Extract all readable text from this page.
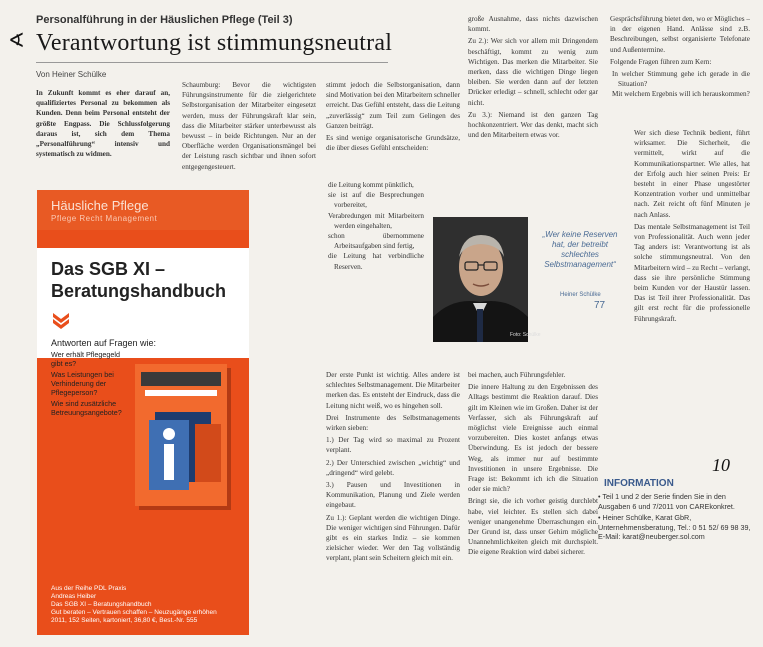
∢
Personalführung in der Häuslichen Pflege (Teil 3)
Verantwortung ist stimmungsneutral
Von Heiner Schülke
In Zukunft kommt es eher darauf an, qualifiziertes Personal zu bekommen als Kunden. Denn beim Personal entsteht der größte Engpass. Die Schlussfolgerung daraus ist, sich dem Thema „Personalführung“ intensiv und systematisch zu widmen.

Schaumburg: Bevor die wichtigsten Führungsinstrumente für die zielgerichtete Selbstorganisation der Mitarbeiter eingesetzt werden, muss der Führungskraft klar sein, dass die Mitarbeiter stärker unterbewusst als bewusst – in beide Richtungen. Nur an der Oberfläche werden Organisationsmängel bei der Leistung rasch sichtbar und ihnen sofort entgegengesteuert.

stimmt jedoch die Selbstorganisation, dann sind Motivation bei den Mitarbeitern schneller erreicht. Das Gefühl entsteht, dass die Leitung „zuverlässig“ zum Teil zum Gelingen des Ganzen beiträgt.

Es sind wenige organisatorische Grundsätze, die über dieses Gefühl entscheiden:

die Leitung kommt pünktlich,
sie ist auf die Besprechungen vorbereitet,
Verabredungen mit Mitarbeitern werden eingehalten,
schon übernommene Arbeitsaufgaben sind fertig,
die Leitung hat verbindliche Reserven.

Der erste Punkt ist wichtig. Alles andere ist schlechtes Selbstmanagement. Die Mitarbeiter merken das. Es entsteht der Eindruck, dass die Leitung nicht weiß, wo es hingehen soll.

Drei Instrumente des Selbstmanagements wirken sieben:

1.) Der Tag wird so maximal zu Prozent verplant.

2.) Der Unterschied zwischen „wichtig“ und „dringend“ wird gelebt.

3.) Pausen und Investitionen in Kommunikation, Planung und Ziele werden eingebaut.

Zu 1.): Geplant werden die wichtigen Dinge. Die weniger wichtigen sind Führungen. Dafür gibt es ein starkes Indiz – sie kommen zielsicher wieder. Wer den Tag vollständig verplant, plant sein Scheitern gleich mit ein.

große Ausnahme, dass nichts dazwischen kommt.

Zu 2.): Wer sich vor allem mit Dringendem beschäftigt, kommt zu wenig zum Wichtigen. Das merken die Mitarbeiter. Sie merken, dass die wichtigen Dinge liegen bleiben. Sie werden dann auf der letzten Drücker erledigt – schnell, schlecht oder gar nicht.

Zu 3.): Niemand ist den ganzen Tag hochkonzentriert. Wer das denkt, macht sich und den Mitarbeitern etwas vor.

bei machen, auch Führungsfehler.

Die innere Haltung zu den Ergebnissen des Alltags bestimmt die Reaktion darauf. Dies gilt im Kleinen wie im Großen. Daher ist der Verfasser, sich als Führungskraft auf möglichst viele Ereignisse auch einmal vorzubereiten. Dies kostet anfangs etwas Überwindung. Es ist jedoch der bessere Weg, als immer nur auf bestimmte Investitionen in unsere Ergebnisse. Die Frage ist: Bekommt ich ich die Situation oder sie mich?

Bringt sie, die ich vorher geistig durchlebt habe, viel leichter. Es stellen sich dabei weniger unangenehme Überraschungen ein. Der Grund ist, dass unser Gehirn mögliche Unannehmlichkeiten gleich mit durchspielt. Die eigene Reaktion wird dabei sicherer.

Gesprächsführung bietet den, wo er Mögliches – in der eigenen Hand. Anlässe sind z.B. Beschreibungen, selbst organisierte Telefonate und Außentermine.

Folgende Fragen führen zum Kern:

In welcher Stimmung gehe ich gerade in die Situation?
Mit welchem Ergebnis will ich herauskommen?

Wer sich diese Technik bedient, führt wirksamer. Die Sicherheit, die vermittelt, wirkt auf die Kommunikationspartner. Wie alles, hat der Erfolg auch hier seinen Preis: Er besteht in einer Phase ungestörter Konzentration vorher und unmittelbar nach. Zeit reicht oft fünf Minuten je nach Anlass.

Das mentale Selbstmanagement ist Teil von Professionalität. Auch wenn jeder Tag anders ist: Verantwortung ist als solche stimmungsneutral. Von den Mitarbeitern wird – zu Recht – verlangt, dass sie ihre persönliche Stimmung beim Kunden vor der Haustür lassen. Das ist Teil ihrer Professionalität. Das gilt erst recht für die professionelle Führungskraft.

Foto: Schülke
„Wer keine Reserven hat, der betreibt schlechtes Selbstmanagement“
Heiner Schülke
77
10
INFORMATION

• Teil 1 und 2 der Serie finden Sie in den Ausgaben 6 und 7/2011 von CAREkonkret.

• Heiner Schülke, Karat GbR, Unternehmensberatung, Tel.: 0 51 52/ 69 98 39, E-Mail: karat@neuberger.sol.com

Häusliche Pflege
Pflege Recht Management
Das SGB XI –
Beratungshandbuch
Antworten auf Fragen wie:
Wer erhält Pflegegeld gibt es?
Was Leistungen bei Verhinderung der Pflegeperson?
Wie sind zusätzliche Betreuungsangebote?
Aus der Reihe PDL Praxis
Andreas Heiber
Das SGB XI – Beratungshandbuch
Gut beraten – Vertrauen schaffen – Neuzugänge erhöhen
2011, 152 Seiten, kartoniert, 36,80 €, Best.-Nr. 555
